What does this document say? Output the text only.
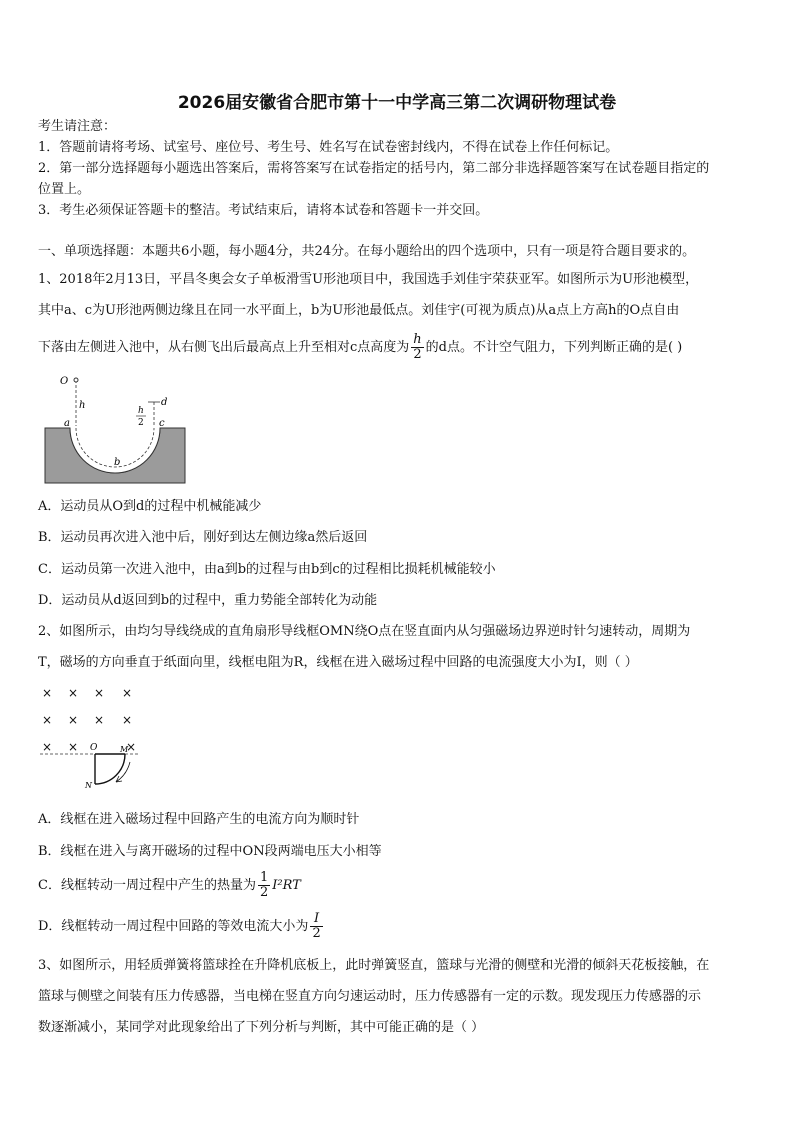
2026届安徽省合肥市第十一中学高三第二次调研物理试卷
考生请注意：
1．答题前请将考场、试室号、座位号、考生号、姓名写在试卷密封线内，不得在试卷上作任何标记。
2．第一部分选择题每小题选出答案后，需将答案写在试卷指定的括号内，第二部分非选择题答案写在试卷题目指定的
位置上。
3．考生必须保证答题卡的整洁。考试结束后，请将本试卷和答题卡一并交回。
一、单项选择题：本题共6小题，每小题4分，共24分。在每小题给出的四个选项中，只有一项是符合题目要求的。
1、2018年2月13日，平昌冬奥会女子单板滑雪U形池项目中，我国选手刘佳宇荣获亚军。如图所示为U形池模型，
其中a、c为U形池两侧边缘且在同一水平面上，b为U形池最低点。刘佳宇(可视为质点)从a点上方高h的O点自由
下落由左侧进入池中，从右侧飞出后最高点上升至相对c点高度为 $\frac{h}{2}$ 的d点。不计空气阻力，下列判断正确的是( )
O
h
a
b
c
d
h
2
A．运动员从O到d的过程中机械能减少
B．运动员再次进入池中后，刚好到达左侧边缘a然后返回
C．运动员第一次进入池中，由a到b的过程与由b到c的过程相比损耗机械能较小
D．运动员从d返回到b的过程中，重力势能全部转化为动能
2、如图所示，由均匀导线绕成的直角扇形导线框OMN绕O点在竖直面内从匀强磁场边界逆时针匀速转动，周期为
T，磁场的方向垂直于纸面向里，线框电阻为R，线框在进入磁场过程中回路的电流强度大小为I，则（ ）
× × × ×
× × × ×
× ×	×
O	M
N
A．线框在进入磁场过程中回路产生的电流方向为顺时针
B．线框在进入与离开磁场的过程中ON段两端电压大小相等
C．线框转动一周过程中产生的热量为 $\frac{1}{2} I^2RT$
D．线框转动一周过程中回路的等效电流大小为 $\frac{I}{2}$
3、如图所示，用轻质弹簧将篮球拴在升降机底板上，此时弹簧竖直，篮球与光滑的侧壁和光滑的倾斜天花板接触，在
篮球与侧壁之间装有压力传感器，当电梯在竖直方向匀速运动时，压力传感器有一定的示数。现发现压力传感器的示
数逐渐减小，某同学对此现象给出了下列分析与判断，其中可能正确的是（ ）
